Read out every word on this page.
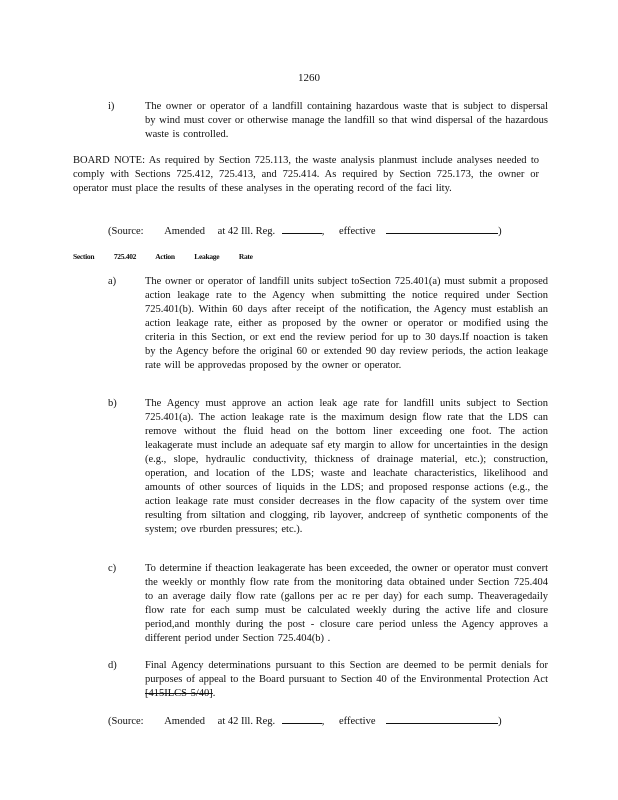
1260
i)	The owner or operator of a landfill containing hazardous waste that is subject to dispersal by wind must cover or otherwise manage the landfill so that wind dispersal of the hazardous waste is controlled.
BOARD NOTE: As required by Section 725.113, the waste analysis planmust include analyses needed to comply with Sections 725.412, 725.413, and 725.414. As required by Section 725.173, the owner or operator must place the results of these analyses in the operating record of the faci lity.
(Source: Amended at 42 Ill. Reg.	, effective	)
Section	725.402	Action	Leakage	Rate
a)	The owner or operator of landfill units subject toSection 725.401(a) must submit a proposed action leakage rate to the Agency when submitting the notice required under Section 725.401(b). Within 60 days after receipt of the notification, the Agency must establish an action leakage rate, either as proposed by the owner or operator or modified using the criteria in this Section, or ext end the review period for up to 30 days.If noaction is taken by the Agency before the original 60 or extended 90 day review periods, the action leakage rate will be approvedas proposed by the owner or operator.
b)	The Agency must approve an action leak age rate for landfill units subject to Section 725.401(a). The action leakage rate is the maximum design flow rate that the LDS can remove without the fluid head on the bottom liner exceeding one foot. The action leakagerate must include an adequate saf ety margin to allow for uncertainties in the design (e.g., slope, hydraulic conductivity, thickness of drainage material, etc.); construction, operation, and location of the LDS; waste and leachate characteristics, likelihood and amounts of other sources of liquids in the LDS; and proposed response actions (e.g., the action leakage rate must consider decreases in the flow capacity of the system over time resulting from siltation and clogging, rib layover, andcreep of synthetic components of the system; ove rburden pressures; etc.).
c)	To determine if theaction leakagerate has been exceeded, the owner or operator must convert the weekly or monthly flow rate from the monitoring data obtained under Section 725.404 to an average daily flow rate (gallons per ac re per day) for each sump. Theaveragedaily flow rate for each sump must be calculated weekly during the active life and closure period,and monthly during the post - closure care period unless the Agency approves a different period under Section 725.404(b) .
d)	Final Agency determinations pursuant to this Section are deemed to be permit denials for purposes of appeal to the Board pursuant to Section 40 of the Environmental Protection Act [415ILCS 5/40].
(Source: Amended at 42 Ill. Reg.	, effective	)
